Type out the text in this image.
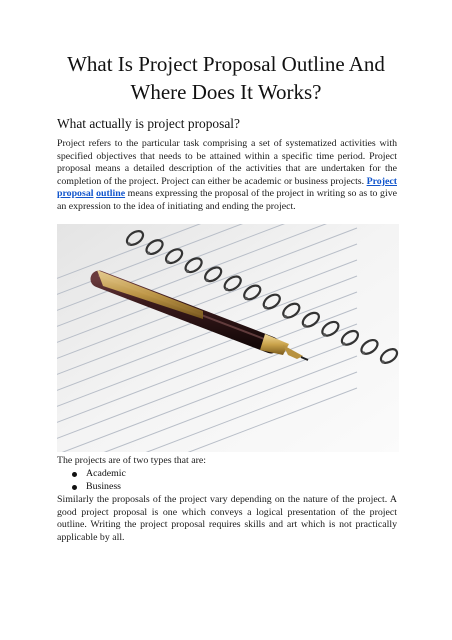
What Is Project Proposal Outline And
Where Does It Works?
What actually is project proposal?

Project refers to the particular task comprising a set of systematized activities with specified objectives that needs to be attained within a specific time period. Project proposal means a detailed description of the activities that are undertaken for the completion of the project. Project can either be academic or business projects. Project proposal outline means expressing the proposal of the project in writing so as to give an expression to the idea of initiating and ending the project.

The projects are of two types that are:

Academic
Business

Similarly the proposals of the project vary depending on the nature of the project. A good project proposal is one which conveys a logical presentation of the project outline. Writing the project proposal requires skills and art which is not practically applicable by all.
